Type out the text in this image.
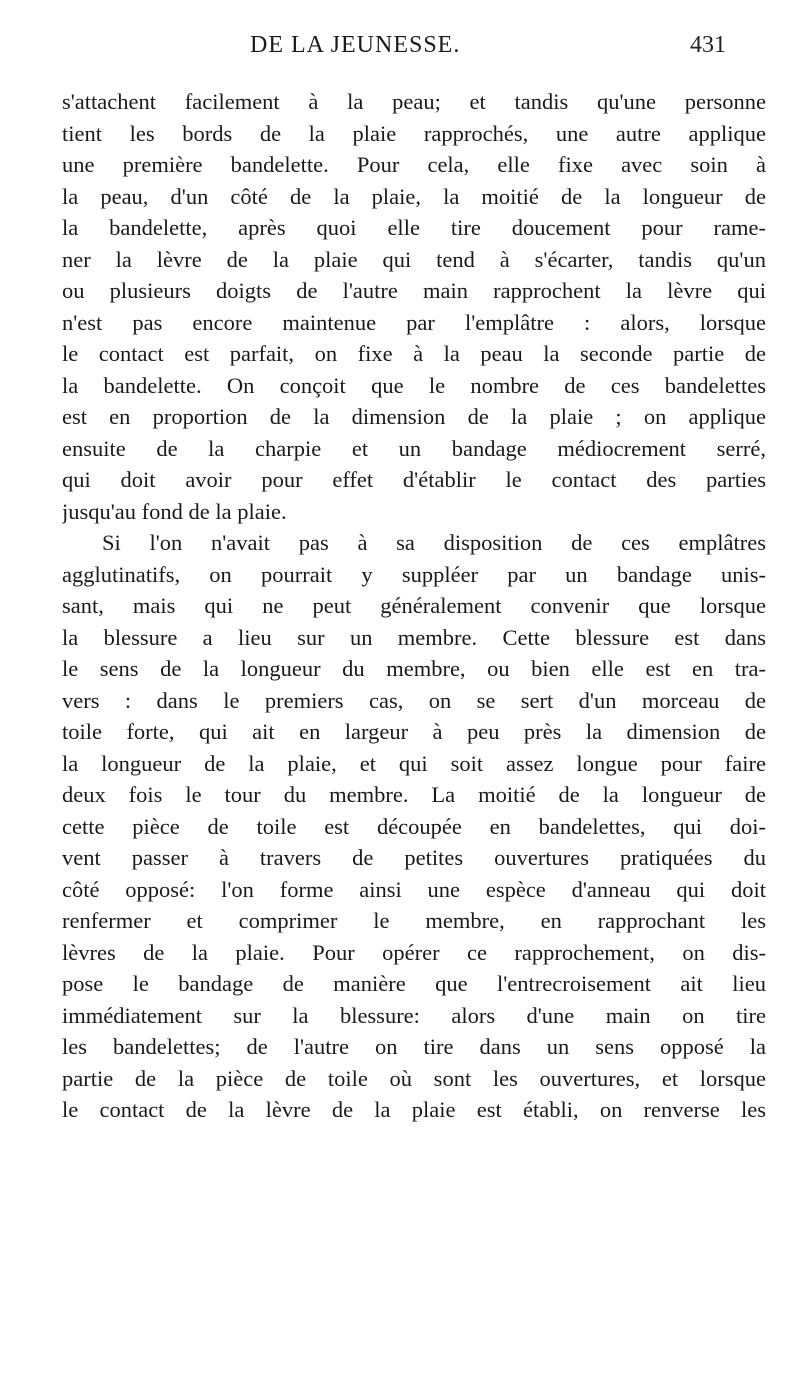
DE LA JEUNESSE.	431
s'attachent facilement à la peau; et tandis qu'une personne
tient les bords de la plaie rapprochés, une autre applique
une première bandelette. Pour cela, elle fixe avec soin à
la peau, d'un côté de la plaie, la moitié de la longueur de
la bandelette, après quoi elle tire doucement pour rame-
ner la lèvre de la plaie qui tend à s'écarter, tandis qu'un
ou plusieurs doigts de l'autre main rapprochent la lèvre qui
n'est pas encore maintenue par l'emplâtre : alors, lorsque
le contact est parfait, on fixe à la peau la seconde partie de
la bandelette. On conçoit que le nombre de ces bandelettes
est en proportion de la dimension de la plaie ; on applique
ensuite de la charpie et un bandage médiocrement serré,
qui doit avoir pour effet d'établir le contact des parties
jusqu'au fond de la plaie.
Si l'on n'avait pas à sa disposition de ces emplâtres
agglutinatifs, on pourrait y suppléer par un bandage unis-
sant, mais qui ne peut généralement convenir que lorsque
la blessure a lieu sur un membre. Cette blessure est dans
le sens de la longueur du membre, ou bien elle est en tra-
vers : dans le premiers cas, on se sert d'un morceau de
toile forte, qui ait en largeur à peu près la dimension de
la longueur de la plaie, et qui soit assez longue pour faire
deux fois le tour du membre. La moitié de la longueur de
cette pièce de toile est découpée en bandelettes, qui doi-
vent passer à travers de petites ouvertures pratiquées du
côté opposé: l'on forme ainsi une espèce d'anneau qui doit
renfermer et comprimer le membre, en rapprochant les
lèvres de la plaie. Pour opérer ce rapprochement, on dis-
pose le bandage de manière que l'entrecroisement ait lieu
immédiatement sur la blessure: alors d'une main on tire
les bandelettes; de l'autre on tire dans un sens opposé la
partie de la pièce de toile où sont les ouvertures, et lorsque
le contact de la lèvre de la plaie est établi, on renverse les
